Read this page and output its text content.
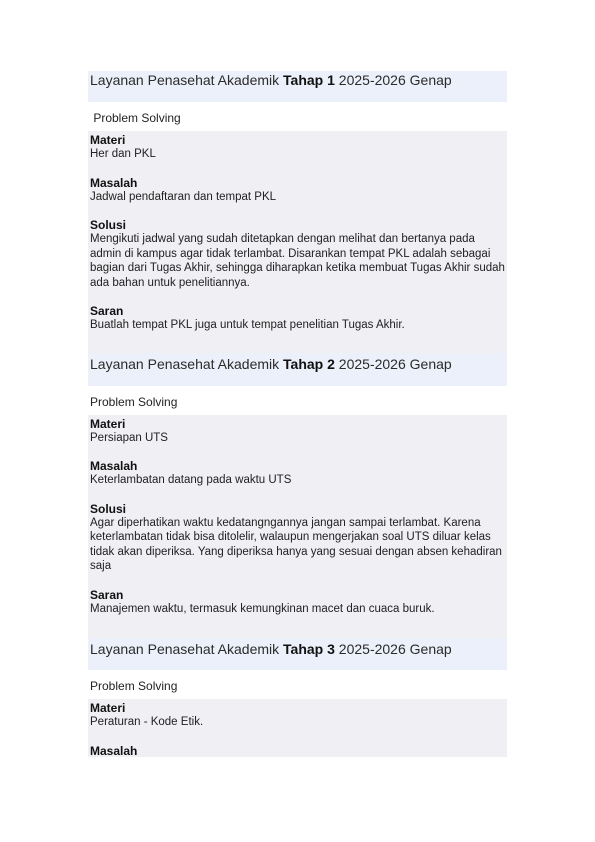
Layanan Penasehat Akademik Tahap 1 2025-2026 Genap
Problem Solving
Materi
Her dan PKL
Masalah
Jadwal pendaftaran dan tempat PKL
Solusi
Mengikuti jadwal yang sudah ditetapkan dengan melihat dan bertanya pada admin di kampus agar tidak terlambat. Disarankan tempat PKL adalah sebagai bagian dari Tugas Akhir, sehingga diharapkan ketika membuat Tugas Akhir sudah ada bahan untuk penelitiannya.
Saran
Buatlah tempat PKL juga untuk tempat penelitian Tugas Akhir.
Layanan Penasehat Akademik Tahap 2 2025-2026 Genap
Problem Solving
Materi
Persiapan UTS
Masalah
Keterlambatan datang pada waktu UTS
Solusi
Agar diperhatikan waktu kedatangngannya jangan sampai terlambat. Karena keterlambatan tidak bisa ditolelir, walaupun mengerjakan soal UTS diluar kelas tidak akan diperiksa. Yang diperiksa hanya yang sesuai dengan absen kehadiran saja
Saran
Manajemen waktu, termasuk kemungkinan macet dan cuaca buruk.
Layanan Penasehat Akademik Tahap 3 2025-2026 Genap
Problem Solving
Materi
Peraturan - Kode Etik.
Masalah
